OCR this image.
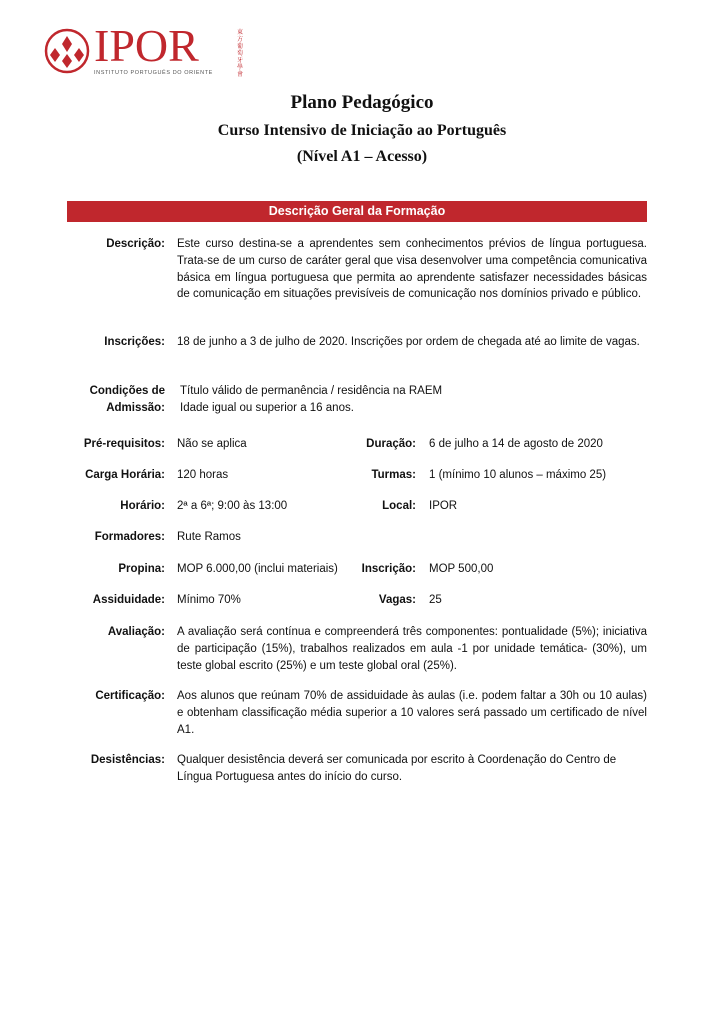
IPOR
INSTITUTO PORTUGUÊS DO ORIENTE
東方葡萄牙學會
Plano Pedagógico
Curso Intensivo de Iniciação ao Português
(Nível A1 – Acesso)
Descrição Geral da Formação
Descrição: Este curso destina-se a aprendentes sem conhecimentos prévios de língua portuguesa. Trata-se de um curso de caráter geral que visa desenvolver uma competência comunicativa básica em língua portuguesa que permita ao aprendente satisfazer necessidades básicas de comunicação em situações previsíveis de comunicação nos domínios privado e público.
Inscrições: 18 de junho a 3 de julho de 2020. Inscrições por ordem de chegada até ao limite de vagas.
Condições de
Admissão:
Título válido de permanência / residência na RAEM
Idade igual ou superior a 16 anos.
Pré-requisitos: Não se aplica	Duração: 6 de julho a 14 de agosto de 2020
Carga Horária: 120 horas	Turmas: 1 (mínimo 10 alunos – máximo 25)
Horário: 2ª a 6ª; 9:00 às 13:00	Local: IPOR
Formadores: Rute Ramos
Propina: MOP 6.000,00 (inclui materiais)	Inscrição: MOP 500,00
Assiduidade: Mínimo 70%	Vagas: 25
Avaliação: A avaliação será contínua e compreenderá três componentes: pontualidade (5%); iniciativa de participação (15%), trabalhos realizados em aula -1 por unidade temática- (30%), um teste global escrito (25%) e um teste global oral (25%).
Certificação: Aos alunos que reúnam 70% de assiduidade às aulas (i.e. podem faltar a 30h ou 10 aulas) e obtenham classificação média superior a 10 valores será passado um certificado de nível A1.
Desistências: Qualquer desistência deverá ser comunicada por escrito à Coordenação do Centro de Língua Portuguesa antes do início do curso.
